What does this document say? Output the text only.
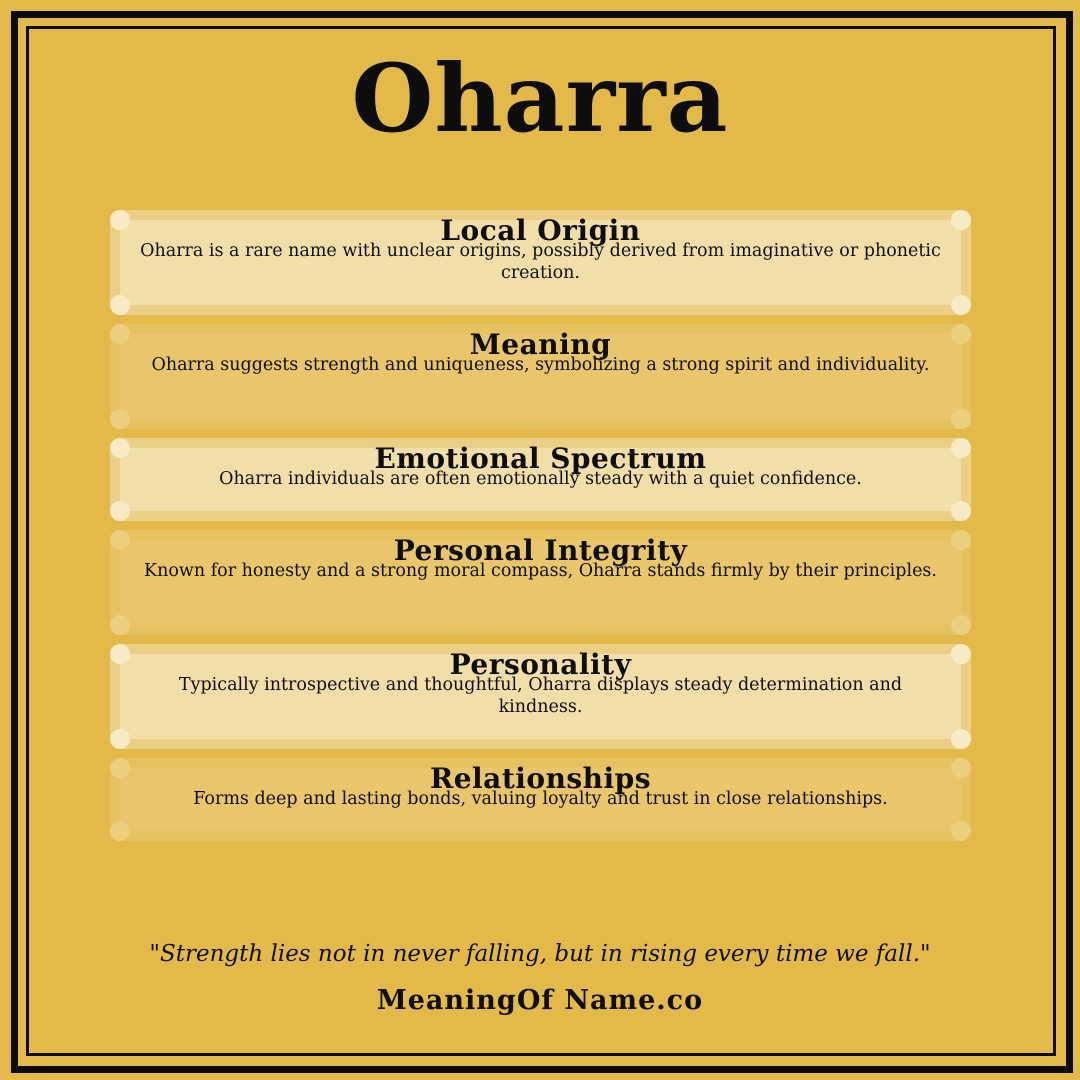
Oharra
Local Origin
Oharra is a rare name with unclear origins, possibly derived from imaginative or phonetic creation.
Meaning
Oharra suggests strength and uniqueness, symbolizing a strong spirit and individuality.
Emotional Spectrum
Oharra individuals are often emotionally steady with a quiet confidence.
Personal Integrity
Known for honesty and a strong moral compass, Oharra stands firmly by their principles.
Personality
Typically introspective and thoughtful, Oharra displays steady determination and kindness.
Relationships
Forms deep and lasting bonds, valuing loyalty and trust in close relationships.
"Strength lies not in never falling, but in rising every time we fall."
MeaningOf Name.co
